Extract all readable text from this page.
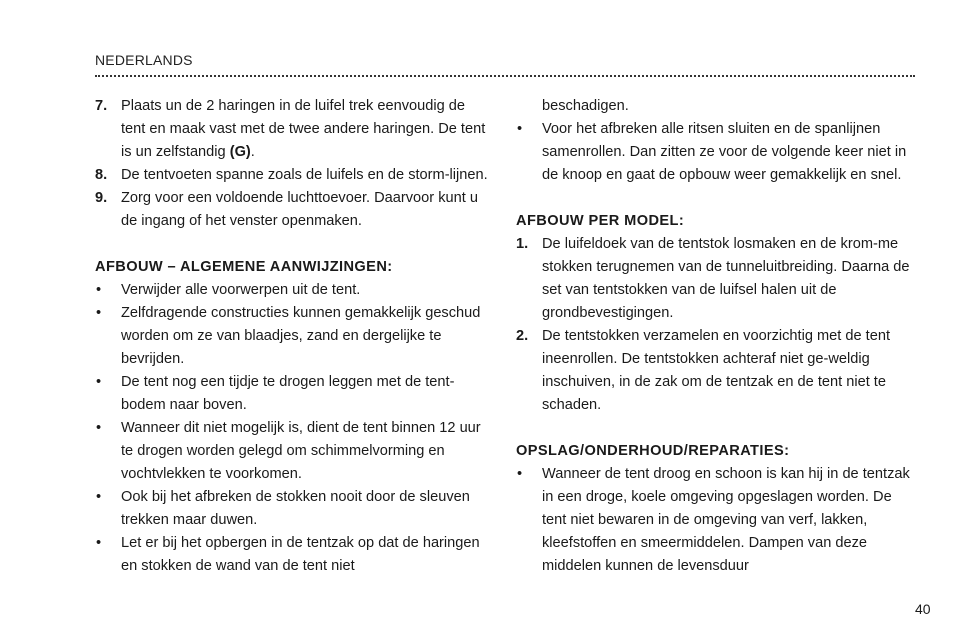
NEDERLANDS
7. Plaats un de 2 haringen in de luifel trek eenvoudig de tent en maak vast met de twee andere haringen. De tent is un zelfstandig (G).
8. De tentvoeten spanne zoals de luifels en de storm-lijnen.
9. Zorg voor een voldoende luchttoevoer. Daarvoor kunt u de ingang of het venster openmaken.
AFBOUW – ALGEMENE AANWIJZINGEN:
• Verwijder alle voorwerpen uit de tent.
• Zelfdragende constructies kunnen gemakkelijk geschud worden om ze van blaadjes, zand en dergelijke te bevrijden.
• De tent nog een tijdje te drogen leggen met de tent-bodem naar boven.
• Wanneer dit niet mogelijk is, dient de tent binnen 12 uur te drogen worden gelegd om schimmelvorming en vochtvlekken te voorkomen.
• Ook bij het afbreken de stokken nooit door de sleuven trekken maar duwen.
• Let er bij het opbergen in de tentzak op dat de haringen en stokken de wand van de tent niet
beschadigen.
• Voor het afbreken alle ritsen sluiten en de spanlijnen samenrollen. Dan zitten ze voor de volgende keer niet in de knoop en gaat de opbouw weer gemakkelijk en snel.
AFBOUW PER MODEL:
1. De luifeldoek van de tentstok losmaken en de krom-me stokken terugnemen van de tunneluitbreiding. Daarna de set van tentstokken van de luifsel halen uit de grondbevestigingen.
2. De tentstokken verzamelen en voorzichtig met de tent ineenrollen. De tentstokken achteraf niet ge-weldig inschuiven, in de zak om de tentzak en de tent niet te schaden.
OPSLAG/ONDERHOUD/REPARATIES:
• Wanneer de tent droog en schoon is kan hij in de tentzak in een droge, koele omgeving opgeslagen worden. De tent niet bewaren in de omgeving van verf, lakken, kleefstoffen en smeermiddelen. Dampen van deze middelen kunnen de levensduur
40
